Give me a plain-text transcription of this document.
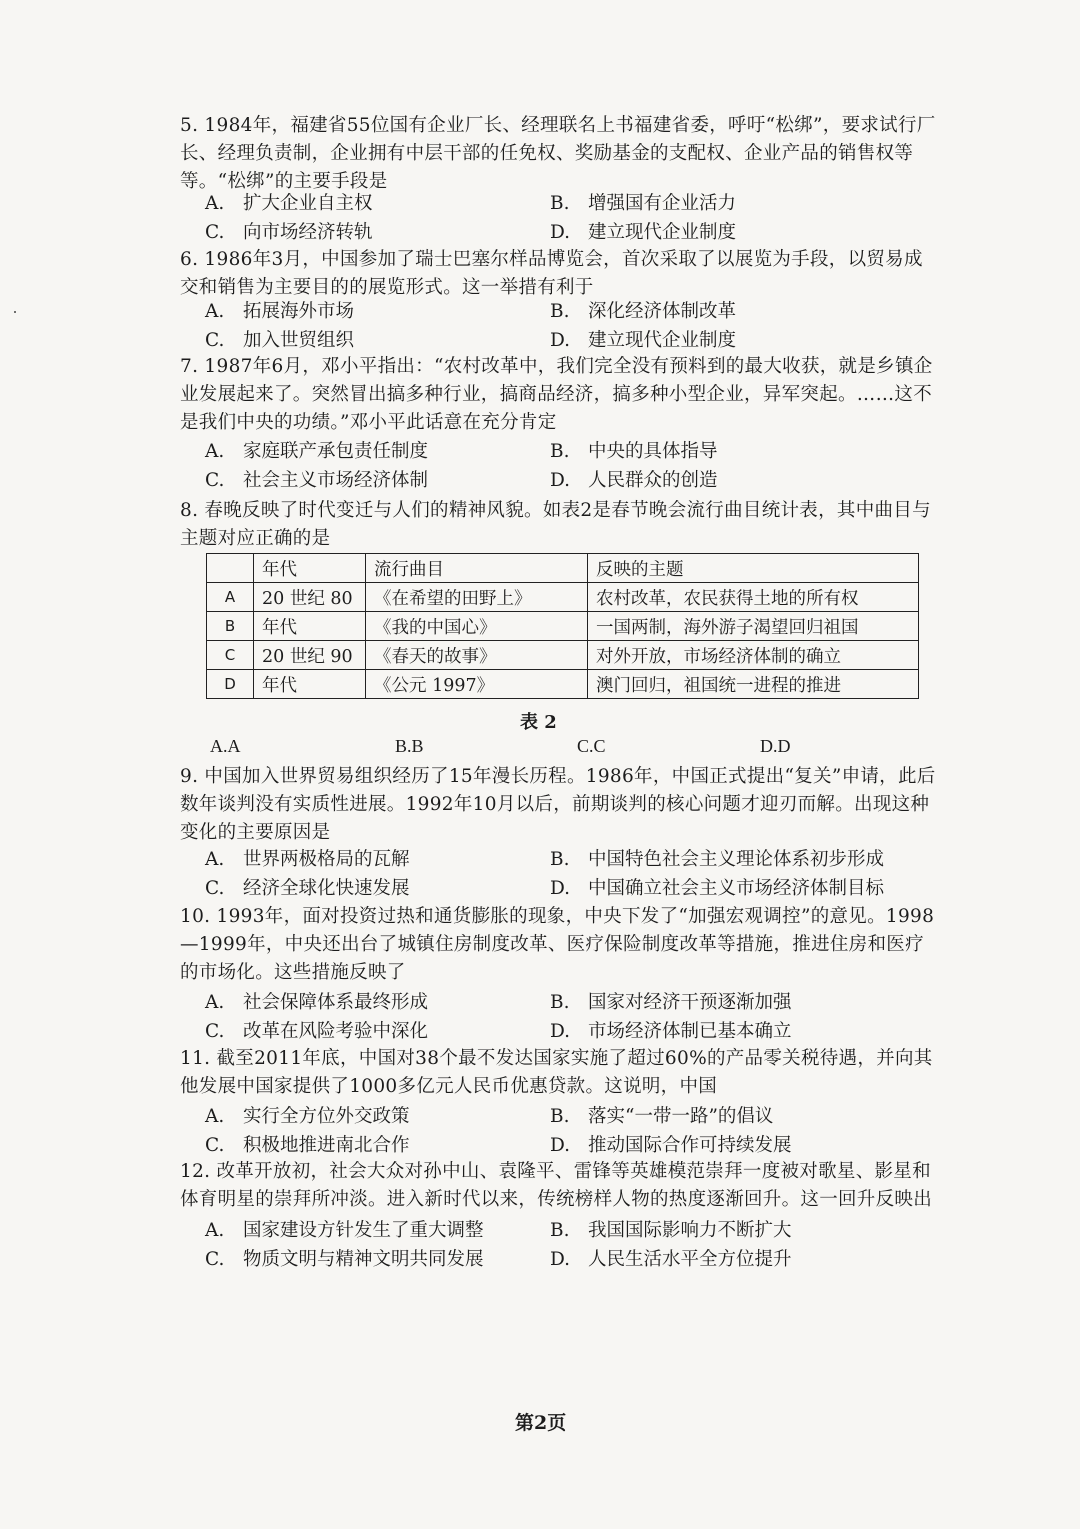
5. 1984年，福建省55位国有企业厂长、经理联名上书福建省委，呼吁“松绑”，要求试行厂长、经理负责制，企业拥有中层干部的任免权、奖励基金的支配权、企业产品的销售权等等。“松绑”的主要手段是
A. 扩大企业自主权	B. 增强国有企业活力
C. 向市场经济转轨	D. 建立现代企业制度
6. 1986年3月，中国参加了瑞士巴塞尔样品博览会，首次采取了以展览为手段，以贸易成交和销售为主要目的的展览形式。这一举措有利于
A. 拓展海外市场	B. 深化经济体制改革
C. 加入世贸组织	D. 建立现代企业制度
7. 1987年6月，邓小平指出：“农村改革中，我们完全没有预料到的最大收获，就是乡镇企业发展起来了。突然冒出搞多种行业，搞商品经济，搞多种小型企业，异军突起。……这不是我们中央的功绩。”邓小平此话意在充分肯定
A. 家庭联产承包责任制度	B. 中央的具体指导
C. 社会主义市场经济体制	D. 人民群众的创造
8. 春晚反映了时代变迁与人们的精神风貌。如表2是春节晚会流行曲目统计表，其中曲目与主题对应正确的是
	年代	流行曲目	反映的主题
A	20 世纪 80	《在希望的田野上》	农村改革，农民获得土地的所有权
B	年代	《我的中国心》	一国两制，海外游子渴望回归祖国
C	20 世纪 90	《春天的故事》	对外开放，市场经济体制的确立
D	年代	《公元 1997》	澳门回归，祖国统一进程的推进
表 2
A.A	B.B	C.C	D.D
9. 中国加入世界贸易组织经历了15年漫长历程。1986年，中国正式提出“复关”申请，此后数年谈判没有实质性进展。1992年10月以后，前期谈判的核心问题才迎刃而解。出现这种变化的主要原因是
A. 世界两极格局的瓦解	B. 中国特色社会主义理论体系初步形成
C. 经济全球化快速发展	D. 中国确立社会主义市场经济体制目标
10. 1993年，面对投资过热和通货膨胀的现象，中央下发了“加强宏观调控”的意见。1998—1999年，中央还出台了城镇住房制度改革、医疗保险制度改革等措施，推进住房和医疗的市场化。这些措施反映了
A. 社会保障体系最终形成	B. 国家对经济干预逐渐加强
C. 改革在风险考验中深化	D. 市场经济体制已基本确立
11. 截至2011年底，中国对38个最不发达国家实施了超过60%的产品零关税待遇，并向其他发展中国家提供了1000多亿元人民币优惠贷款。这说明，中国
A. 实行全方位外交政策	B. 落实“一带一路”的倡议
C. 积极地推进南北合作	D. 推动国际合作可持续发展
12. 改革开放初，社会大众对孙中山、袁隆平、雷锋等英雄模范崇拜一度被对歌星、影星和体育明星的崇拜所冲淡。进入新时代以来，传统榜样人物的热度逐渐回升。这一回升反映出
A. 国家建设方针发生了重大调整	B. 我国国际影响力不断扩大
C. 物质文明与精神文明共同发展	D. 人民生活水平全方位提升
第2页
